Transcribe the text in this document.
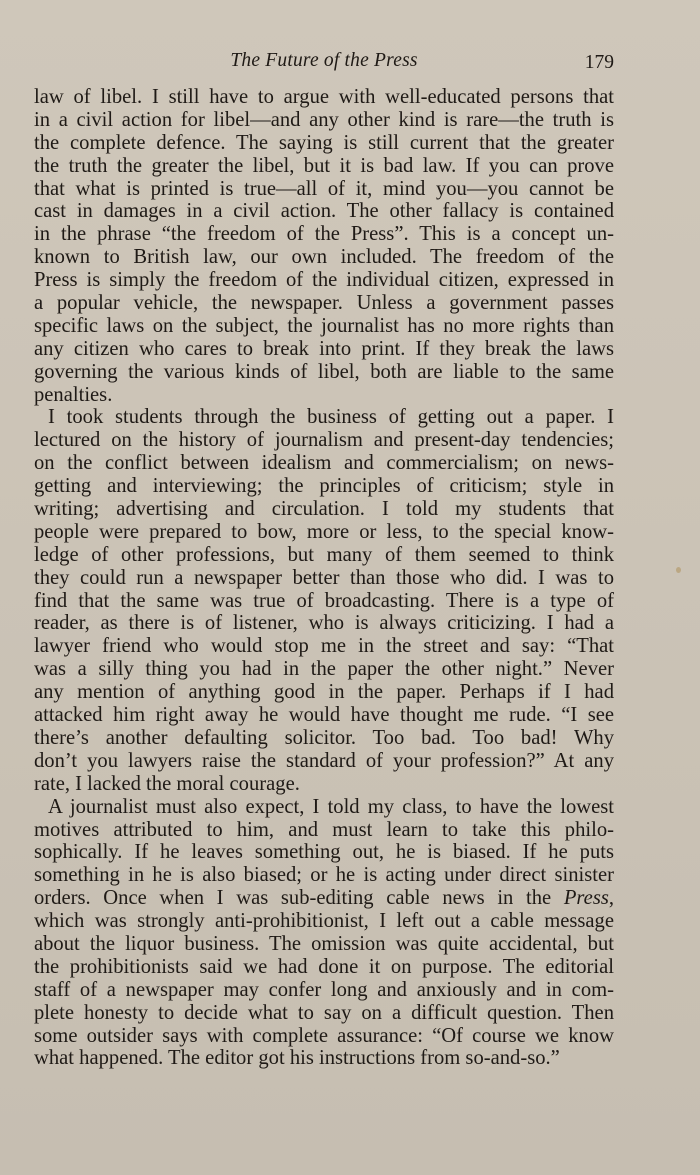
The Future of the Press	179

law of libel. I still have to argue with well-educated persons that
in a civil action for libel—and any other kind is rare—the truth is
the complete defence. The saying is still current that the greater
the truth the greater the libel, but it is bad law. If you can prove
that what is printed is true—all of it, mind you—you cannot be
cast in damages in a civil action. The other fallacy is contained
in the phrase “the freedom of the Press”. This is a concept un-
known to British law, our own included. The freedom of the
Press is simply the freedom of the individual citizen, expressed in
a popular vehicle, the newspaper. Unless a government passes
specific laws on the subject, the journalist has no more rights than
any citizen who cares to break into print. If they break the laws
governing the various kinds of libel, both are liable to the same
penalties.

I took students through the business of getting out a paper. I
lectured on the history of journalism and present-day tendencies;
on the conflict between idealism and commercialism; on news-
getting and interviewing; the principles of criticism; style in
writing; advertising and circulation. I told my students that
people were prepared to bow, more or less, to the special know-
ledge of other professions, but many of them seemed to think
they could run a newspaper better than those who did. I was to
find that the same was true of broadcasting. There is a type of
reader, as there is of listener, who is always criticizing. I had a
lawyer friend who would stop me in the street and say: “That
was a silly thing you had in the paper the other night.” Never
any mention of anything good in the paper. Perhaps if I had
attacked him right away he would have thought me rude. “I see
there’s another defaulting solicitor. Too bad. Too bad! Why
don’t you lawyers raise the standard of your profession?” At any
rate, I lacked the moral courage.

A journalist must also expect, I told my class, to have the lowest
motives attributed to him, and must learn to take this philo-
sophically. If he leaves something out, he is biased. If he puts
something in he is also biased; or he is acting under direct sinister
orders. Once when I was sub-editing cable news in the Press,
which was strongly anti-prohibitionist, I left out a cable message
about the liquor business. The omission was quite accidental, but
the prohibitionists said we had done it on purpose. The editorial
staff of a newspaper may confer long and anxiously and in com-
plete honesty to decide what to say on a difficult question. Then
some outsider says with complete assurance: “Of course we know
what happened. The editor got his instructions from so-and-so.”
